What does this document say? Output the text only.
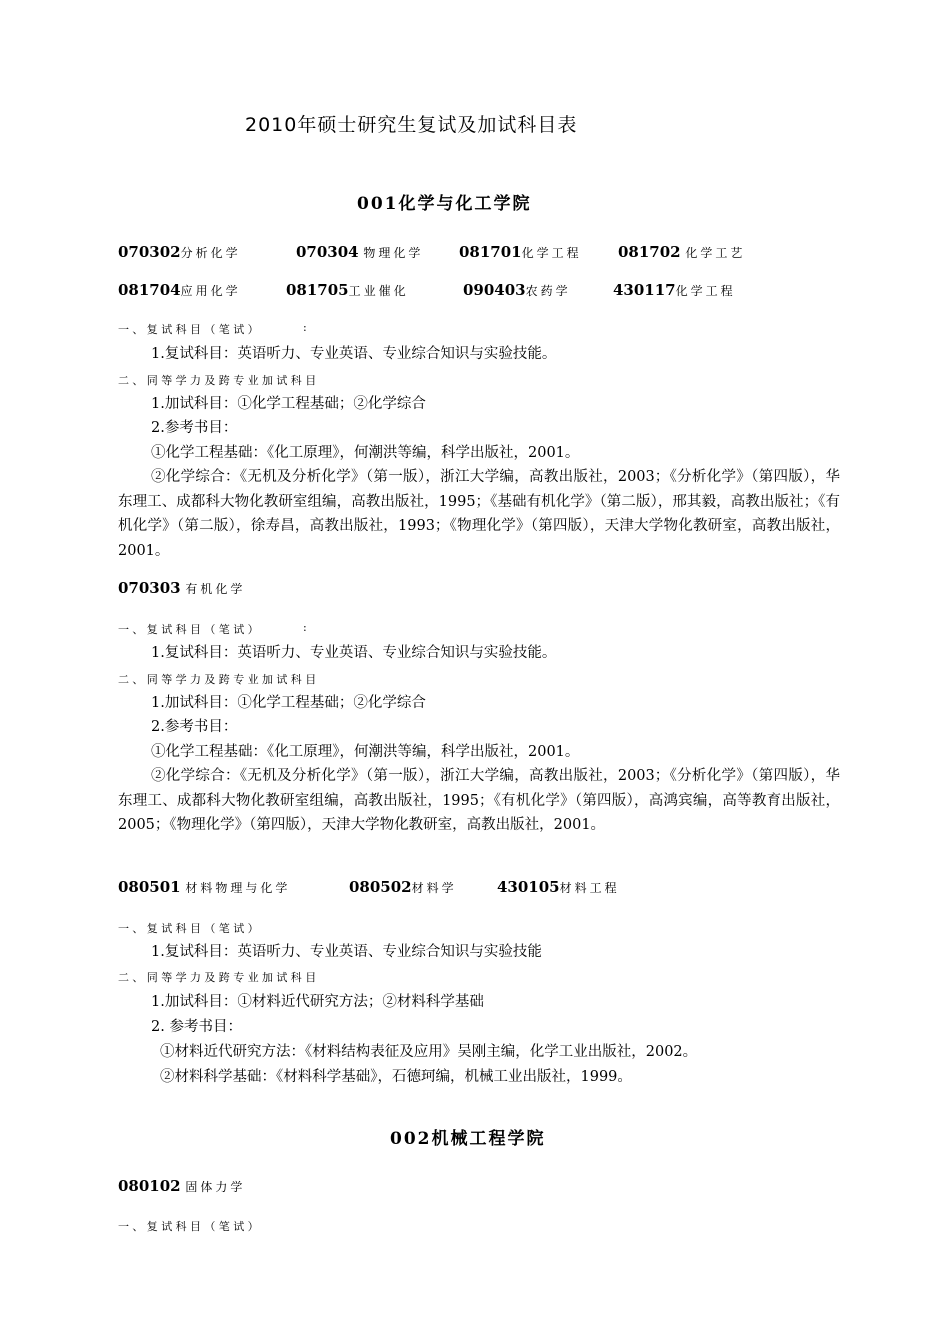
2010年硕士研究生复试及加试科目表
001化学与化工学院
070302分析化学	070304 物理化学 081701化学工程 081702 化学工艺
081704应用化学	081705工业催化	090403农药学	430117化学工程
一、复试科目（笔试）	:
1.复试科目：英语听力、专业英语、专业综合知识与实验技能。
二、同等学力及跨专业加试科目
1.加试科目：①化学工程基础；②化学综合
2.参考书目：
①化学工程基础：《化工原理》，何潮洪等编，科学出版社，2001。
②化学综合：《无机及分析化学》（第一版），浙江大学编，高教出版社，2003；《分析化学》（第四版），华东理工、成都科大物化教研室组编，高教出版社，1995；《基础有机化学》（第二版），邢其毅，高教出版社；《有机化学》（第二版），徐寿昌，高教出版社，1993；《物理化学》（第四版），天津大学物化教研室，高教出版社，2001。
070303 有机化学
一、复试科目（笔试）	:
1.复试科目：英语听力、专业英语、专业综合知识与实验技能。
二、同等学力及跨专业加试科目
1.加试科目：①化学工程基础；②化学综合
2.参考书目：
①化学工程基础：《化工原理》，何潮洪等编，科学出版社，2001。
②化学综合：《无机及分析化学》（第一版），浙江大学编，高教出版社，2003；《分析化学》（第四版），华东理工、成都科大物化教研室组编，高教出版社，1995；《有机化学》（第四版），高鸿宾编，高等教育出版社，2005；《物理化学》（第四版），天津大学物化教研室，高教出版社，2001。
080501 材料物理与化学	080502材料学	430105材料工程
一、复试科目（笔试）
1.复试科目：英语听力、专业英语、专业综合知识与实验技能
二、同等学力及跨专业加试科目
1.加试科目：①材料近代研究方法；②材料科学基础
2. 参考书目：
①材料近代研究方法：《材料结构表征及应用》吴刚主编，化学工业出版社，2002。
②材料科学基础：《材料科学基础》，石德珂编，机械工业出版社，1999。
002机械工程学院
080102 固体力学
一、复试科目（笔试）
